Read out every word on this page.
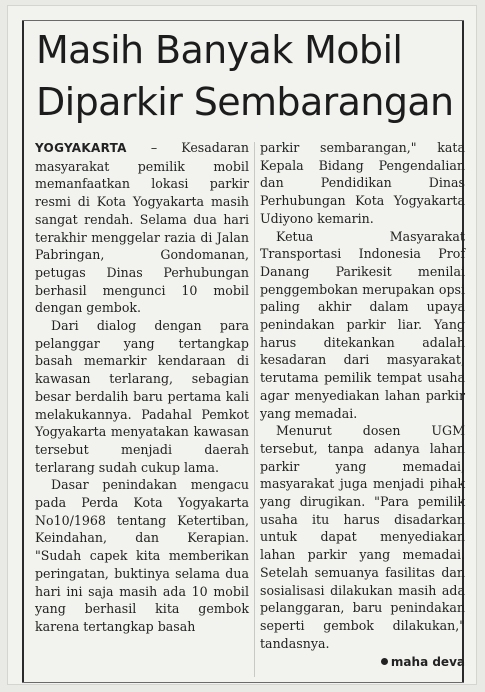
Masih Banyak Mobil
Diparkir Sembarangan

YOGYAKARTA – Kesadaran masyarakat pemilik mobil memanfaatkan lokasi parkir resmi di Kota Yogyakarta masih sangat rendah. Selama dua hari terakhir menggelar razia di Jalan Pabringan, Gondomanan, petugas Dinas Perhubungan berhasil mengunci 10 mobil dengan gembok.

Dari dialog dengan para pelanggar yang tertangkap basah memarkir kendaraan di kawasan terlarang, sebagian besar berdalih baru pertama kali melakukannya. Padahal Pemkot Yogyakarta menyatakan kawasan tersebut menjadi daerah terlarang sudah cukup lama.

Dasar penindakan mengacu pada Perda Kota Yogyakarta No10/1968 tentang Ketertiban, Keindahan, dan Kerapian. "Sudah capek kita memberikan peringatan, buktinya selama dua hari ini saja masih ada 10 mobil yang berhasil kita gembok karena tertangkap basah

parkir sembarangan," kata Kepala Bidang Pengendalian dan Pendidikan Dinas Perhubungan Kota Yogyakarta Udiyono kemarin.

Ketua Masyarakat Transportasi Indonesia Prof Danang Parikesit menilai penggembokan merupakan opsi paling akhir dalam upaya penindakan parkir liar. Yang harus ditekankan adalah kesadaran dari masyarakat, terutama pemilik tempat usaha agar menyediakan lahan parkir yang memadai.

Menurut dosen UGM tersebut, tanpa adanya lahan parkir yang memadai, masyarakat juga menjadi pihak yang dirugikan. "Para pemilik usaha itu harus disadarkan untuk dapat menyediakan lahan parkir yang memadai. Setelah semuanya fasilitas dan sosialisasi dilakukan masih ada pelanggaran, baru penindakan seperti gembok dilakukan," tandasnya.

maha deva
